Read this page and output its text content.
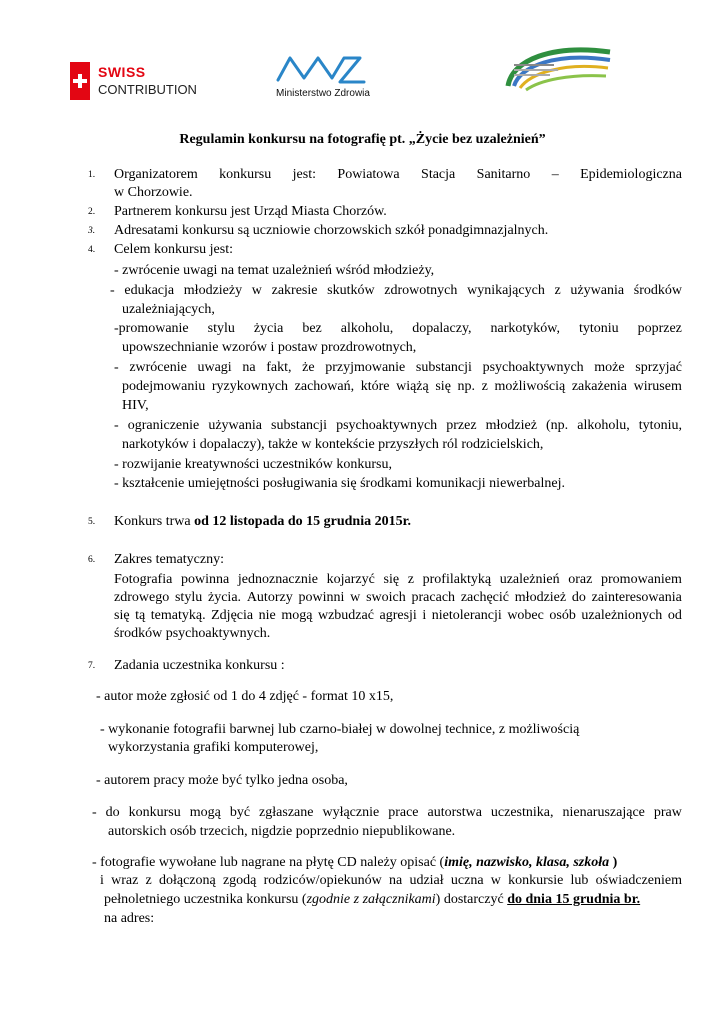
SWISS
CONTRIBUTION	Ministerstwo Zdrowia
Regulamin konkursu na fotografię pt. „Życie bez uzależnień”
1. Organizatorem konkursu jest: Powiatowa Stacja Sanitarno – Epidemiologiczna
w Chorzowie.
2. Partnerem konkursu jest Urząd Miasta Chorzów.
3. Adresatami konkursu są uczniowie chorzowskich szkół ponadgimnazjalnych.
4. Celem konkursu jest:
- zwrócenie uwagi na temat uzależnień wśród młodzieży,
- edukacja młodzieży w zakresie skutków zdrowotnych wynikających z używania środków
uzależniających,
-promowanie stylu życia bez alkoholu, dopalaczy, narkotyków, tytoniu poprzez
upowszechnianie wzorów i postaw prozdrowotnych,
- zwrócenie uwagi na fakt, że przyjmowanie substancji psychoaktywnych może sprzyjać
podejmowaniu ryzykownych zachowań, które wiążą się np. z możliwością zakażenia wirusem
HIV,
- ograniczenie używania substancji psychoaktywnych przez młodzież (np. alkoholu, tytoniu,
narkotyków i dopalaczy), także w kontekście przyszłych ról rodzicielskich,
- rozwijanie kreatywności uczestników konkursu,
- kształcenie umiejętności posługiwania się środkami komunikacji niewerbalnej.
5. Konkurs trwa od 12 listopada do 15 grudnia 2015r.
6. Zakres tematyczny:
Fotografia powinna jednoznacznie kojarzyć się z profilaktyką uzależnień oraz promowaniem
zdrowego stylu życia. Autorzy powinni w swoich pracach zachęcić młodzież do zainteresowania
się tą tematyką. Zdjęcia nie mogą wzbudzać agresji i nietolerancji wobec osób uzależnionych od
środków psychoaktywnych.
7. Zadania uczestnika konkursu :
- autor może zgłosić od 1 do 4 zdjęć - format 10 x15,
- wykonanie fotografii barwnej lub czarno-białej w dowolnej technice, z możliwością
wykorzystania grafiki komputerowej,
- autorem pracy może być tylko jedna osoba,
- do konkursu mogą być zgłaszane wyłącznie prace autorstwa uczestnika, nienaruszające praw
autorskich osób trzecich, nigdzie poprzednio niepublikowane.
- fotografie wywołane lub nagrane na płytę CD należy opisać (imię, nazwisko, klasa, szkoła )
i wraz z dołączoną zgodą rodziców/opiekunów na udział uczna w konkursie lub oświadczeniem
pełnoletniego uczestnika konkursu (zgodnie z załącznikami) dostarczyć do dnia 15 grudnia br.
na adres:
